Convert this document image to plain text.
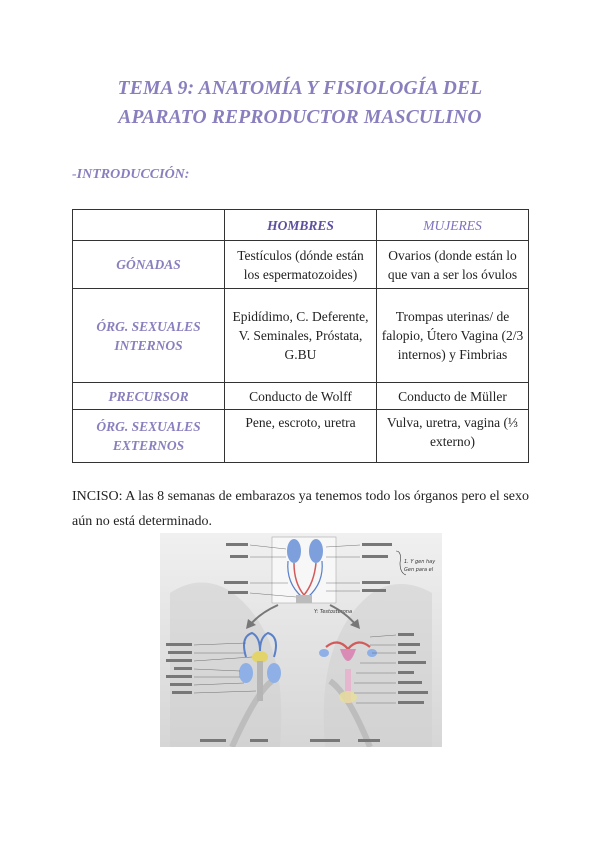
TEMA 9: ANATOMÍA Y FISIOLOGÍA DEL
APARATO REPRODUCTOR MASCULINO
-INTRODUCCIÓN:
	HOMBRES	MUJERES
GÓNADAS	Testículos (dónde están los espermatozoides)	Ovarios (donde están lo que van a ser los óvulos
ÓRG. SEXUALES INTERNOS	Epidídimo, C. Deferente, V. Seminales, Próstata, G.BU	Trompas uterinas/ de falopio, Útero Vagina (2/3 internos) y Fimbrias
PRECURSOR	Conducto de Wolff	Conducto de Müller
ÓRG. SEXUALES EXTERNOS	Pene, escroto, uretra	Vulva, uretra, vagina (⅓ externo)
INCISO: A las 8 semanas de embarazos ya tenemos todo los órganos pero el sexo aún no está determinado.
1. Y gen hay
Gen para el
Y: Testosterona
